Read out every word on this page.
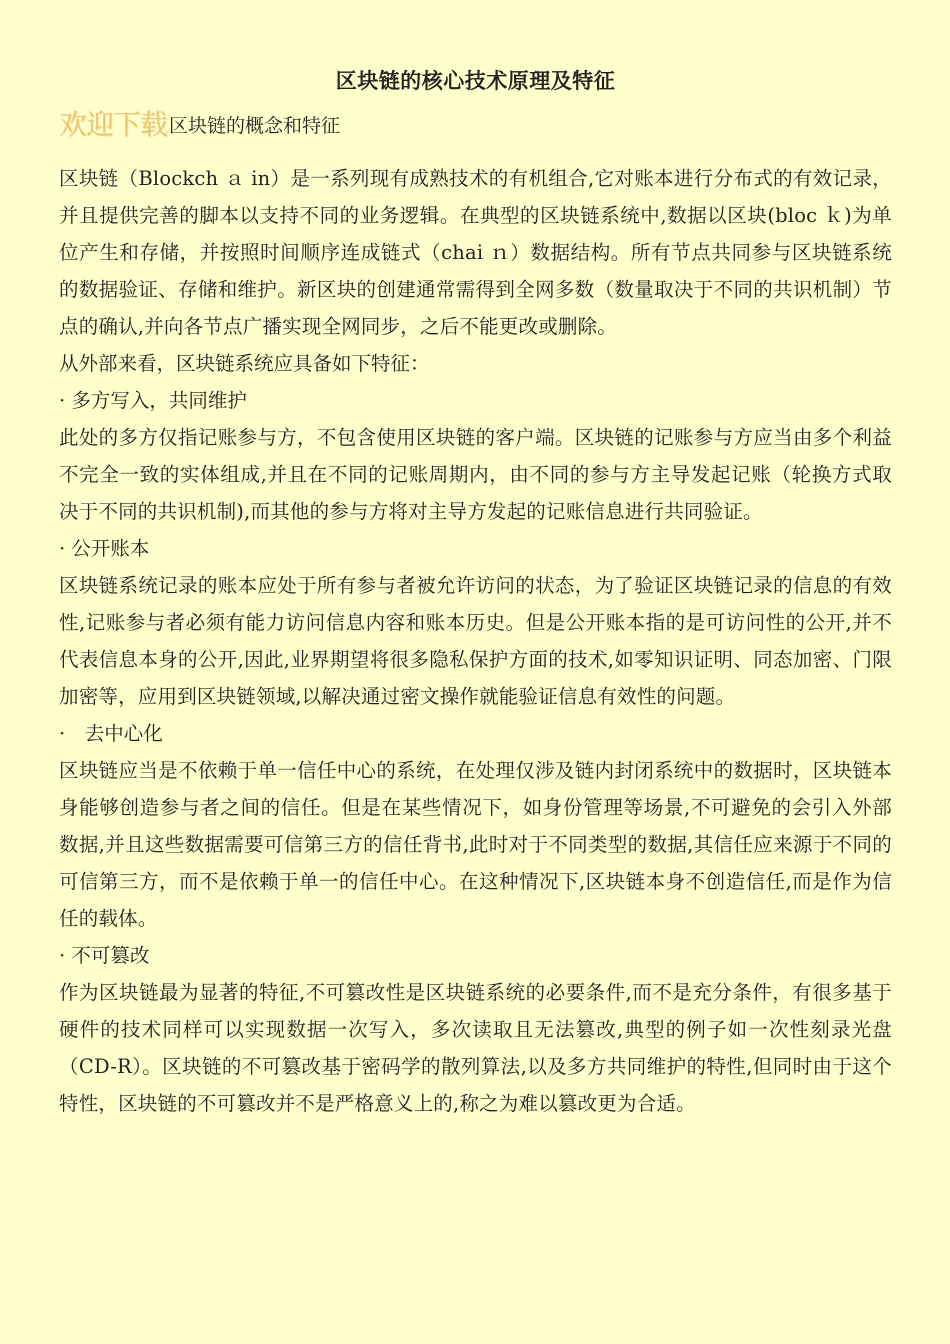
区块链的核心技术原理及特征
欢迎下载 区块链的概念和特征

区块链（Blockch ａ in）是一系列现有成熟技术的有机组合,它对账本进行分布式的有效记录，并且提供完善的脚本以支持不同的业务逻辑。在典型的区块链系统中,数据以区块(bloc ｋ)为单位产生和存储，并按照时间顺序连成链式（chai ｎ）数据结构。所有节点共同参与区块链系统的数据验证、存储和维护。新区块的创建通常需得到全网多数（数量取决于不同的共识机制）节点的确认,并向各节点广播实现全网同步，之后不能更改或删除。

从外部来看，区块链系统应具备如下特征：

· 多方写入，共同维护

此处的多方仅指记账参与方，不包含使用区块链的客户端。区块链的记账参与方应当由多个利益不完全一致的实体组成,并且在不同的记账周期内，由不同的参与方主导发起记账（轮换方式取决于不同的共识机制),而其他的参与方将对主导方发起的记账信息进行共同验证。

· 公开账本

区块链系统记录的账本应处于所有参与者被允许访问的状态，为了验证区块链记录的信息的有效性,记账参与者必须有能力访问信息内容和账本历史。但是公开账本指的是可访问性的公开,并不代表信息本身的公开,因此,业界期望将很多隐私保护方面的技术,如零知识证明、同态加密、门限加密等，应用到区块链领域,以解决通过密文操作就能验证信息有效性的问题。

·　去中心化

区块链应当是不依赖于单一信任中心的系统，在处理仅涉及链内封闭系统中的数据时，区块链本身能够创造参与者之间的信任。但是在某些情况下，如身份管理等场景,不可避免的会引入外部数据,并且这些数据需要可信第三方的信任背书,此时对于不同类型的数据,其信任应来源于不同的可信第三方，而不是依赖于单一的信任中心。在这种情况下,区块链本身不创造信任,而是作为信任的载体。

· 不可篡改

作为区块链最为显著的特征,不可篡改性是区块链系统的必要条件,而不是充分条件，有很多基于硬件的技术同样可以实现数据一次写入，多次读取且无法篡改,典型的例子如一次性刻录光盘（CD-R）。区块链的不可篡改基于密码学的散列算法,以及多方共同维护的特性,但同时由于这个特性，区块链的不可篡改并不是严格意义上的,称之为难以篡改更为合适。
